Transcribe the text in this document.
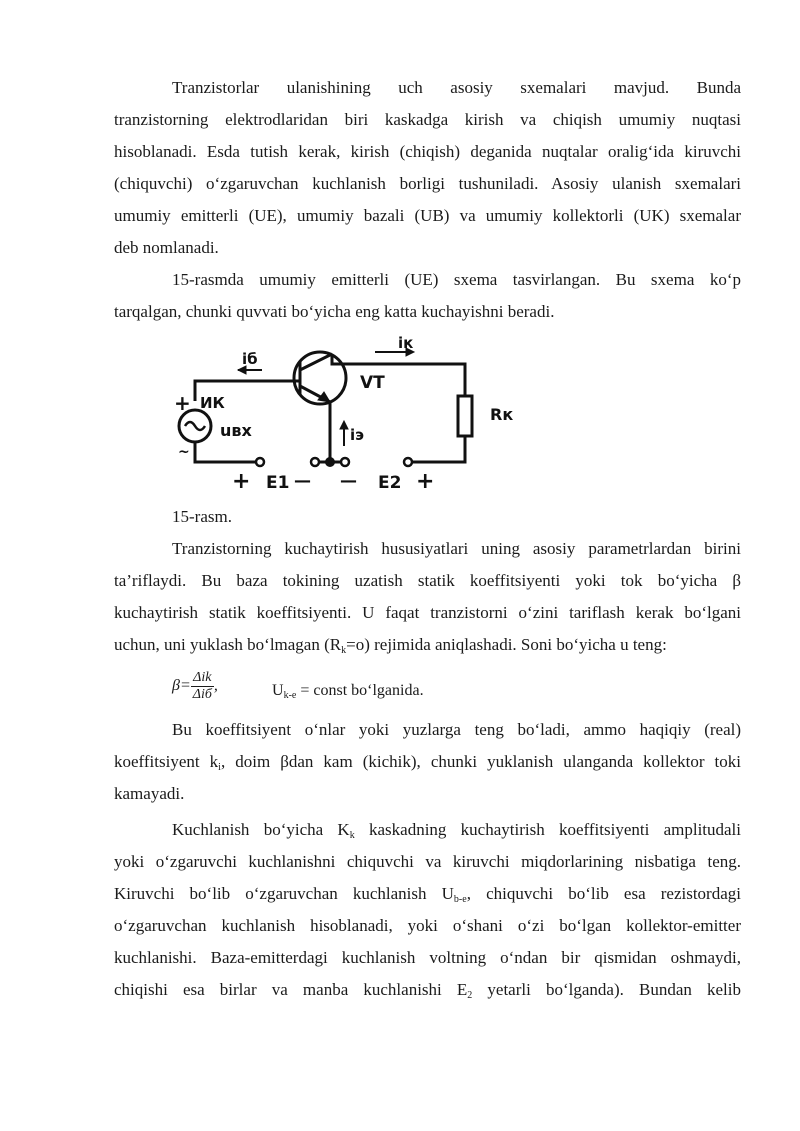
Tranzistorlar ulanishining uch asosiy sxemalari mavjud. Bunda
tranzistorning elektrodlaridan biri kaskadga kirish va chiqish umumiy nuqtasi
hisoblanadi. Esda tutish kerak, kirish (chiqish) deganida nuqtalar oralig‘ida kiruvchi
(chiquvchi) o‘zgaruvchan kuchlanish borligi tushuniladi. Asosiy ulanish sxemalari
umumiy emitterli (UE), umumiy bazali (UB) va umumiy kollektorli (UK) sxemalar
deb nomlanadi.
15-rasmda umumiy emitterli (UE) sxema tasvirlangan. Bu sxema ko‘p
tarqalgan, chunki quvvati bo‘yicha eng katta kuchayishni beradi.
iб
iк
iэ
VT
ИК
+
~
uвх
Rк
+ E1 — — E2 +
15-rasm.
Tranzistorning kuchaytirish hususiyatlari uning asosiy parametrlardan birini
ta’riflaydi. Bu baza tokining uzatish statik koeffitsiyenti yoki tok bo‘yicha β
kuchaytirish statik koeffitsiyenti. U faqat tranzistorni o‘zini tariflash kerak bo‘lgani
uchun, uni yuklash bo‘lmagan $(R_k=o)$ rejimida aniqlashadi. Soni bo‘yicha u teng:
$\beta= \frac{\text{Δik}}{\text{Δiб}}$ ,	$U_{k-e}$ = const bo‘lganida.
Bu koeffitsiyent o‘nlar yoki yuzlarga teng bo‘ladi, ammo haqiqiy (real)
koeffitsiyent $k_i$, doim βdan kam (kichik), chunki yuklanish ulanganda kollektor toki
kamayadi.
Kuchlanish bo‘yicha $K_k$ kaskadning kuchaytirish koeffitsiyenti amplitudali
yoki o‘zgaruvchi kuchlanishni chiquvchi va kiruvchi miqdorlarining nisbatiga teng.
Kiruvchi bo‘lib o‘zgaruvchan kuchlanish $U_{b-e}$, chiquvchi bo‘lib esa rezistordagi
o‘zgaruvchan kuchlanish hisoblanadi, yoki o‘shani o‘zi bo‘lgan kollektor-emitter
kuchlanishi. Baza-emitterdagi kuchlanish voltning o‘ndan bir qismidan oshmaydi,
chiqishi esa birlar va manba kuchlanishi $E_2$ yetarli bo‘lganda). Bundan kelib
